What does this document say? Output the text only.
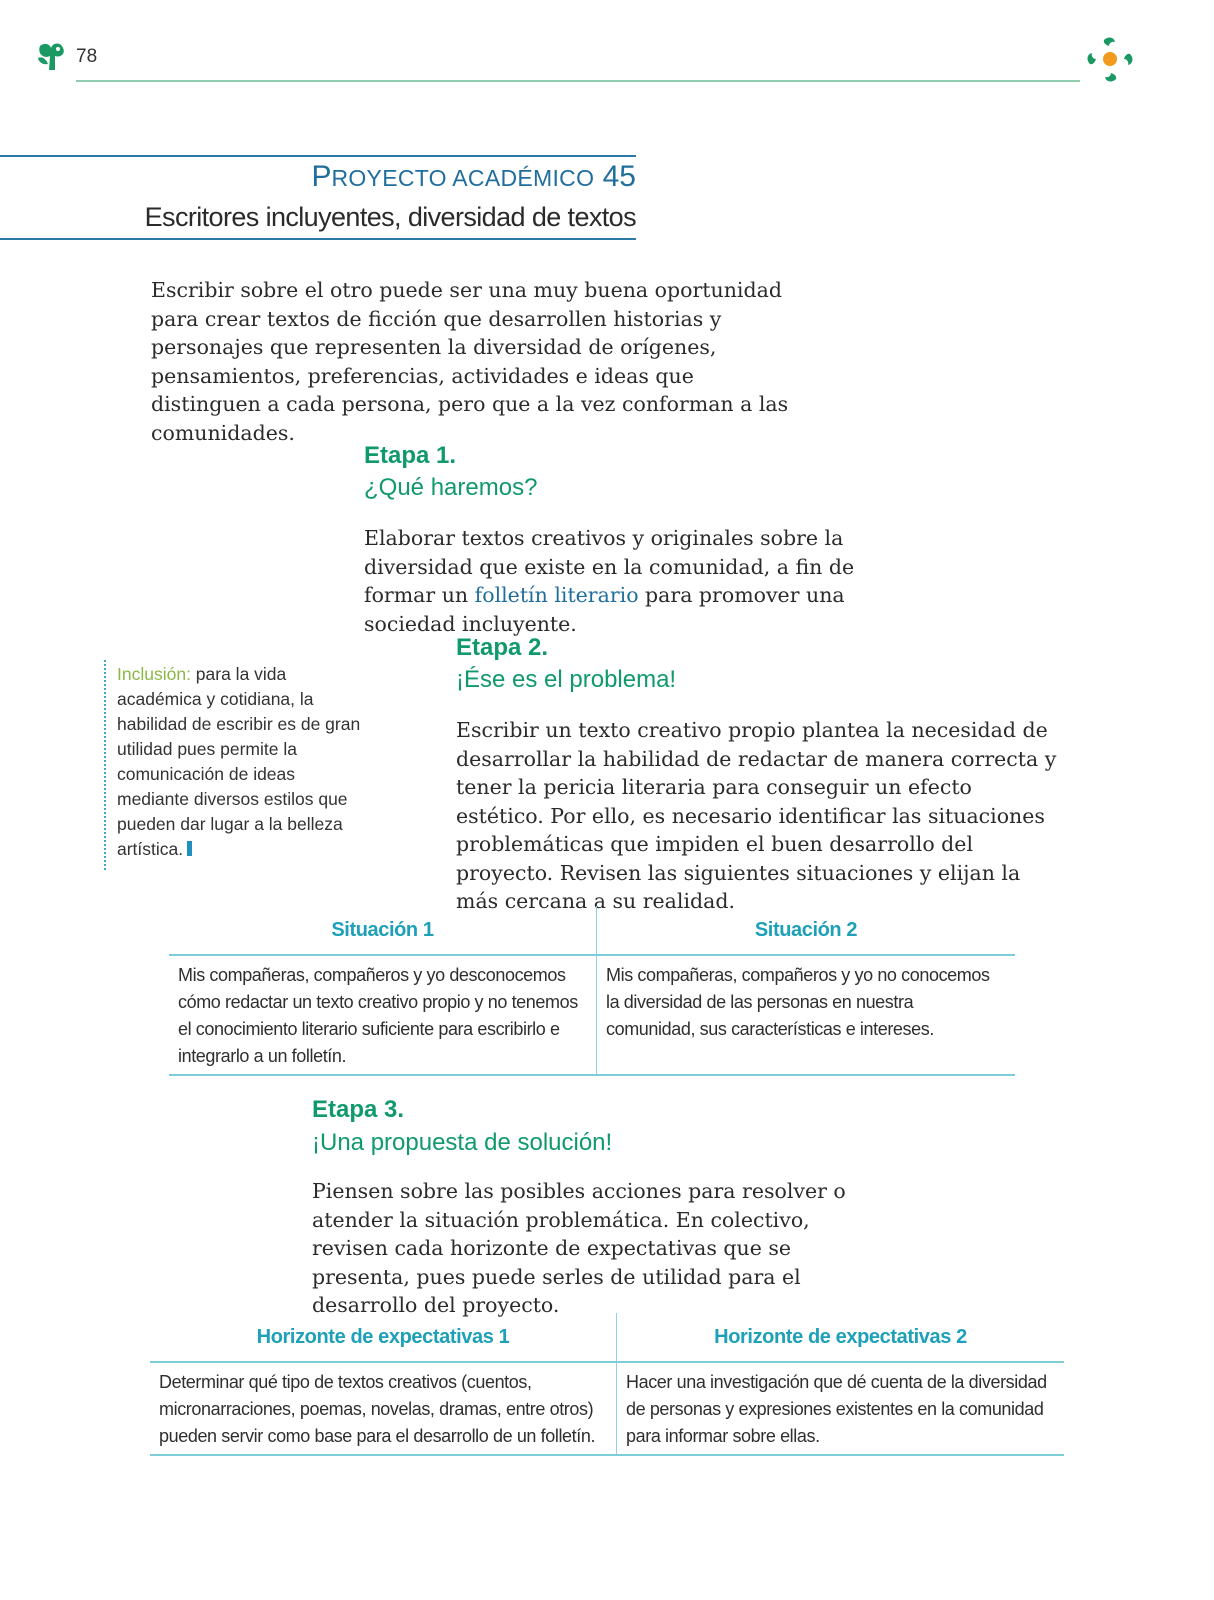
78
PROYECTO ACADÉMICO 45
Escritores incluyentes, diversidad de textos
Escribir sobre el otro puede ser una muy buena oportunidad para crear textos de ficción que desarrollen historias y personajes que representen la diversidad de orígenes, pensamientos, preferencias, actividades e ideas que distinguen a cada persona, pero que a la vez conforman a las comunidades.
Etapa 1.
¿Qué haremos?
Elaborar textos creativos y originales sobre la diversidad que existe en la comunidad, a fin de formar un folletín literario para promover una sociedad incluyente.
Inclusión: para la vida académica y cotidiana, la habilidad de escribir es de gran utilidad pues permite la comunicación de ideas mediante diversos estilos que pueden dar lugar a la belleza artística.
Etapa 2.
¡Ése es el problema!
Escribir un texto creativo propio plantea la necesidad de desarrollar la habilidad de redactar de manera correcta y tener la pericia literaria para conseguir un efecto estético. Por ello, es necesario identificar las situaciones problemáticas que impiden el buen desarrollo del proyecto. Revisen las siguientes situaciones y elijan la más cercana a su realidad.
Situación 1	Situación 2
Mis compañeras, compañeros y yo desconocemos cómo redactar un texto creativo propio y no tenemos el conocimiento literario suficiente para escribirlo e integrarlo a un folletín.	Mis compañeras, compañeros y yo no conocemos la diversidad de las personas en nuestra comunidad, sus características e intereses.
Etapa 3.
¡Una propuesta de solución!
Piensen sobre las posibles acciones para resolver o atender la situación problemática. En colectivo, revisen cada horizonte de expectativas que se presenta, pues puede serles de utilidad para el desarrollo del proyecto.
Horizonte de expectativas 1	Horizonte de expectativas 2
Determinar qué tipo de textos creativos (cuentos, micronarraciones, poemas, novelas, dramas, entre otros) pueden servir como base para el desarrollo de un folletín.	Hacer una investigación que dé cuenta de la diversidad de personas y expresiones existentes en la comunidad para informar sobre ellas.
